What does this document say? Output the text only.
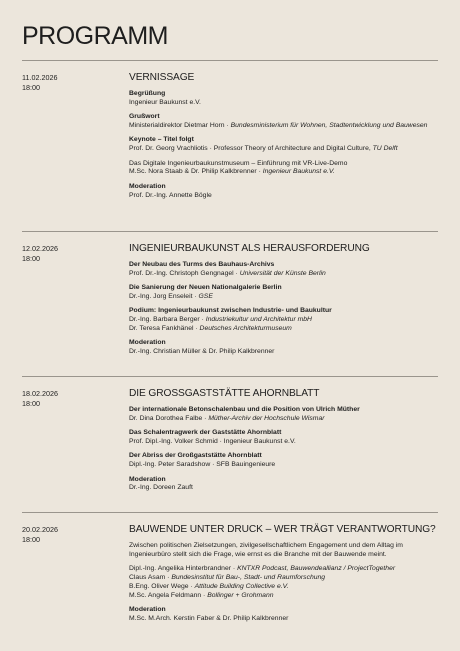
PROGRAMM
11.02.2026
18:00
VERNISSAGE
Begrüßung
Ingenieur Baukunst e.V.
Grußwort
Ministerialdirektor Dietmar Horn · Bundesministerium für Wohnen, Stadtentwicklung und Bauwesen
Keynote – Titel folgt
Prof. Dr. Georg Vrachliotis · Professor Theory of Architecture and Digital Culture, TU Delft
Das Digitale Ingenieurbaukunstmuseum – Einführung mit VR-Live-Demo
M.Sc. Nora Staab & Dr. Philip Kalkbrenner · Ingenieur Baukunst e.V.
Moderation
Prof. Dr.-Ing. Annette Bögle
12.02.2026
18:00
INGENIEURBAUKUNST ALS HERAUSFORDERUNG
Der Neubau des Turms des Bauhaus-Archivs
Prof. Dr.-Ing. Christoph Gengnagel · Universität der Künste Berlin
Die Sanierung der Neuen Nationalgalerie Berlin
Dr.-Ing. Jorg Enseleit · GSE
Podium: Ingenieurbaukunst zwischen Industrie- und Baukultur
Dr.-Ing. Barbara Berger · Industriekultur und Architektur mbH
Dr. Teresa Fankhänel · Deutsches Architekturmuseum
Moderation
Dr.-Ing. Christian Müller & Dr. Philip Kalkbrenner
18.02.2026
18:00
DIE GROSSGASTSTÄTTE AHORNBLATT
Der internationale Betonschalenbau und die Position von Ulrich Müther
Dr. Dina Dorothea Falbe · Müther-Archiv der Hochschule Wismar
Das Schalentragwerk der Gaststätte Ahornblatt
Prof. Dipl.-Ing. Volker Schmid · Ingenieur Baukunst e.V.
Der Abriss der Großgaststätte Ahornblatt
Dipl.-Ing. Peter Saradshow · SFB Bauingenieure
Moderation
Dr.-Ing. Doreen Zauft
20.02.2026
18:00
BAUWENDE UNTER DRUCK – WER TRÄGT VERANTWORTUNG?
Zwischen politischen Zielsetzungen, zivilgesellschaftlichem Engagement und dem Alltag im Ingenieurbüro stellt sich die Frage, wie ernst es die Branche mit der Bauwende meint.
Dipl.-Ing. Angelika Hinterbrandner · KNTXR Podcast, Bauwendeallianz / ProjectTogether
Claus Asam · Bundesinstitut für Bau-, Stadt- und Raumforschung
B.Eng. Oliver Wege · Attitude Building Collective e.V.
M.Sc. Angela Feldmann · Bollinger + Grohmann
Moderation
M.Sc. M.Arch. Kerstin Faber & Dr. Philip Kalkbrenner
